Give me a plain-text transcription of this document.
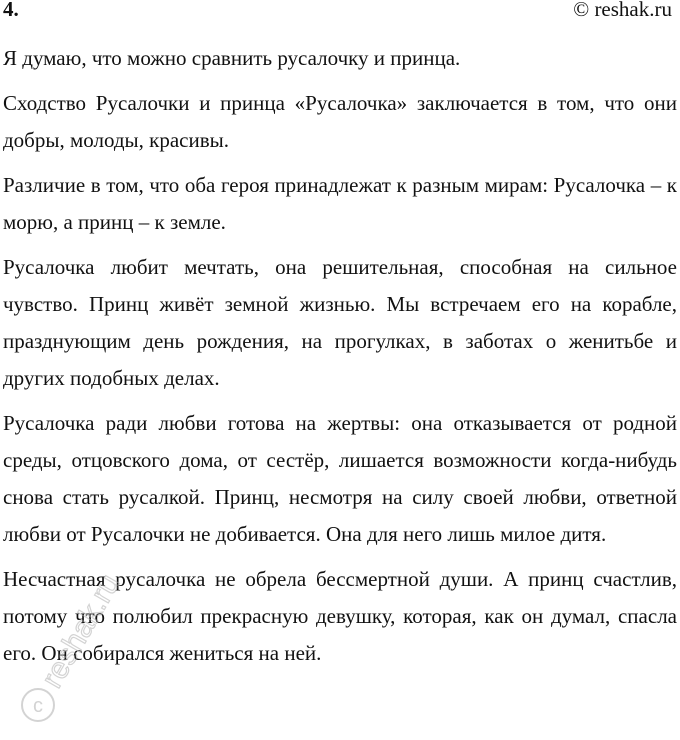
4.	© reshak.ru

Я думаю, что можно сравнить русалочку и принца.

Сходство Русалочки и принца «Русалочка» заключается в том, что они добры, молоды, красивы.

Различие в том, что оба героя принадлежат к разным мирам: Русалочка – к морю, а принц – к земле.

Русалочка любит мечтать, она решительная, способная на сильное чувство. Принц живёт земной жизнью. Мы встречаем его на корабле, празднующим день рождения, на прогулках, в заботах о женитьбе и других подобных делах.

Русалочка ради любви готова на жертвы: она отказывается от родной среды, отцовского дома, от сестёр, лишается возможности когда-нибудь снова стать русалкой. Принц, несмотря на силу своей любви, ответной любви от Русалочки не добивается. Она для него лишь милое дитя.

Несчастная русалочка не обрела бессмертной души. А принц счастлив, потому что полюбил прекрасную девушку, которая, как он думал, спасла его. Он собирался жениться на ней.

c
reshak.ru
